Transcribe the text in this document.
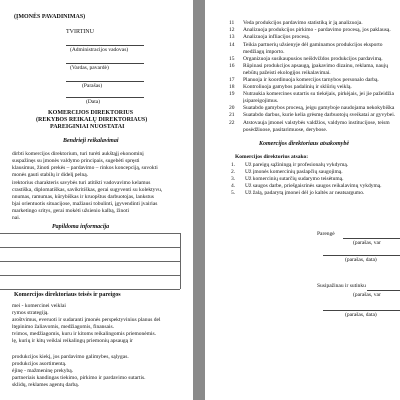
(ĮMONĖS PAVADINIMAS)
TVIRTINU
(Administracijos vadovas)
(Vardas, pavardė)
(Parašas)
(Data)
KOMERCIJOS DIREKTORIUS
(REKYBOS REIKALŲ DIREKTORIAUS)
PAREIGINIAI NUOSTATAI
Bendrieji reikalavimai
dirbti komercijos direktorium, turi turėti aukštąjį ekonominį
suspažinęs su įmonės valdymo principais, sugebėti spręsti
klausimus, žinoti prekės – pardavimo – rinkos koncepciją, suvokti
monės gauti stabilų ir didelį pelną.
irektorius charakteris savybės turi atitikti vadovavimo kelamus
crastiška, diplomatiškas, savikritiškas, gerai sugyventi su kolektyvu,
nnumas, ramumas, kūrybiškas ir kruopštus darbuotojas, lankstus
bjai orientuotis situacijose, mažiausi tobulinti, įgyvendinti įvairias
marketingo sritys, gerai mokėti užsienio kalbą, žinoti
nai.
Papildoma informacija
Komercijos direktoriaus teisės ir pareigos
mei - komercinei veiklai
rymos strategiją.
aroštvimus, everuoti ir sudaranti įmonės perspektyvinius planus del
ltępinimo žaliavomis, medžiagomis, finansais.
tvimos, medžiagomis, kuru ir kitoms reikalingomis priemonėmis.
lę, kurių ir kitų veiklai reikalingų priemonių apsaugą ir
produkcijos kiekį, jos pardavimo galimybes, sąlygas.
produkcijos asortimentą.
ėjinę - mažmeninę prekybą.
partneriais kandingas tiekimo, pirkimo ir pardavimo sutartis.
sklidų, reklames agentų darbą.
11	Veda produkcijos pardavimo statistiką ir ją analizuoja.
12	Analizuoja produkcijos pirkimo - pardavimo procesą, jos paklausą.
13	Analizuoja infliacijos procesą.
14	Teikia partnerių užsienyje dėl gaminamos produkcijos eksporto
medžiagų importo.
15	Organizuoja susikaupusios neišdviždos produkcijos pardavimą.
16	Rūpinasi produkcijos apsaugą, įpakavimo dizainu, reklama, naujų
nebūtų pažeisti ekologijos reikalavimai.
17	Planuoja ir koordinuoja komercijos tarnybos personalo darbą.
18	Kontroliuoja gamybos padalinių ir sklūrių veiklą.
19	Nutraukia komercines sutartis su tiekėjais, pirkėjais, jei jie pažeidžia
įsipareigojimus.
20	Suatabdo gamybos procesą, jeigu gamyboje naudojama nekokybiška
21	Suatabdo darbus, kurie kelia grėsmę darbuotojų sveikatai ar gyvybei.
22	Atstovauja įmonei valstybės valdžios, valdymo institucijose, teism
posėdžiuose, pasitarimuose, derybose.
Komercijos direktoriaus atsakomybė
Komercijos direktorius atsako:
1.	Už pareigų sąžiningą ir profesionalų vykdymą.
2.	Už įmonės komercinių paslapčių saugojimą.
3.	Už komercinių sutarčių sudarymo teisėtumą.
4.	Už saugos darbe, priešgaisrinės saugos reikalavimų vykdymą.
5.	Už žalą, padarytą įmonei dėl jo kaltės ar neatsargumo.
Parengė
(parašas, var
(parašas, data)
Susipažinau ir sutinku
(parašas, var
(parašas, data)
